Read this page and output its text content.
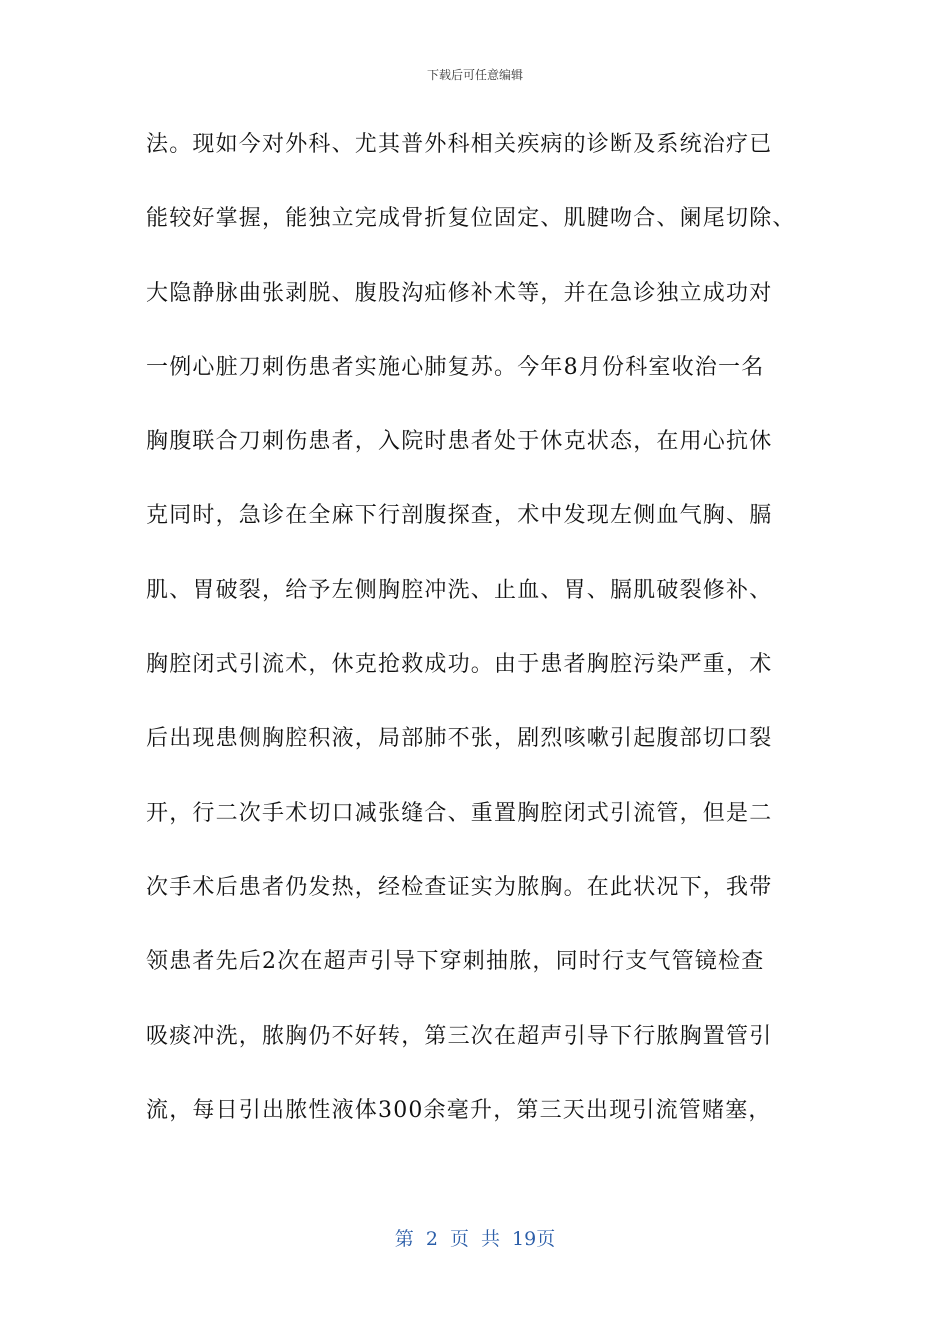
下载后可任意编辑
法。现如今对外科、尤其普外科相关疾病的诊断及系统治疗已
能较好掌握，能独立完成骨折复位固定、肌腱吻合、阑尾切除、
大隐静脉曲张剥脱、腹股沟疝修补术等，并在急诊独立成功对
一例心脏刀刺伤患者实施心肺复苏。今年8月份科室收治一名
胸腹联合刀刺伤患者，入院时患者处于休克状态，在用心抗休
克同时，急诊在全麻下行剖腹探查，术中发现左侧血气胸、膈
肌、胃破裂，给予左侧胸腔冲洗、止血、胃、膈肌破裂修补、
胸腔闭式引流术，休克抢救成功。由于患者胸腔污染严重，术
后出现患侧胸腔积液，局部肺不张，剧烈咳嗽引起腹部切口裂
开，行二次手术切口减张缝合、重置胸腔闭式引流管，但是二
次手术后患者仍发热，经检查证实为脓胸。在此状况下，我带
领患者先后2次在超声引导下穿刺抽脓，同时行支气管镜检查
吸痰冲洗，脓胸仍不好转，第三次在超声引导下行脓胸置管引
流，每日引出脓性液体300余毫升，第三天出现引流管赌塞，
第 2 页 共 19页
